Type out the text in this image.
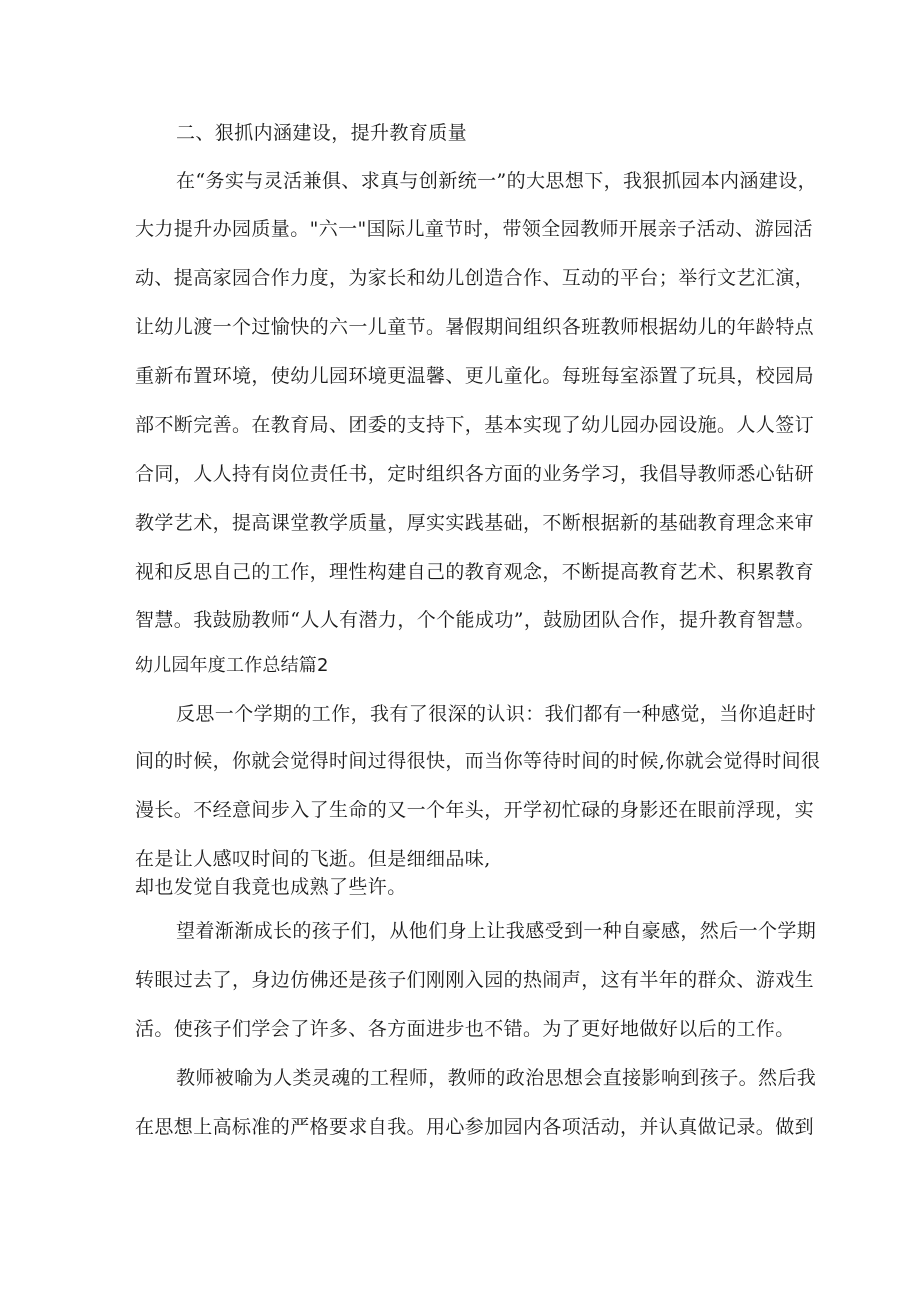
二、狠抓内涵建设，提升教育质量
在“务实与灵活兼俱、求真与创新统一”的大思想下，我狠抓园本内涵建设，
大力提升办园质量。"六一"国际儿童节时，带领全园教师开展亲子活动、游园活
动、提高家园合作力度，为家长和幼儿创造合作、互动的平台；举行文艺汇演，
让幼儿渡一个过愉快的六一儿童节。暑假期间组织各班教师根据幼儿的年龄特点
重新布置环境，使幼儿园环境更温馨、更儿童化。每班每室添置了玩具，校园局
部不断完善。在教育局、团委的支持下，基本实现了幼儿园办园设施。人人签订
合同，人人持有岗位责任书，定时组织各方面的业务学习，我倡导教师悉心钻研
教学艺术，提高课堂教学质量，厚实实践基础，不断根据新的基础教育理念来审
视和反思自己的工作，理性构建自己的教育观念，不断提高教育艺术、积累教育
智慧。我鼓励教师“人人有潜力，个个能成功”，鼓励团队合作，提升教育智慧。
幼儿园年度工作总结篇2
反思一个学期的工作，我有了很深的认识：我们都有一种感觉，当你追赶时
间的时候，你就会觉得时间过得很快，而当你等待时间的时候,你就会觉得时间很
漫长。不经意间步入了生命的又一个年头，开学初忙碌的身影还在眼前浮现，实
在是让人感叹时间的飞逝。但是细细品味,
却也发觉自我竟也成熟了些许。
望着渐渐成长的孩子们，从他们身上让我感受到一种自豪感，然后一个学期
转眼过去了，身边仿佛还是孩子们刚刚入园的热闹声，这有半年的群众、游戏生
活。使孩子们学会了许多、各方面进步也不错。为了更好地做好以后的工作。
教师被喻为人类灵魂的工程师，教师的政治思想会直接影响到孩子。然后我
在思想上高标准的严格要求自我。用心参加园内各项活动，并认真做记录。做到
